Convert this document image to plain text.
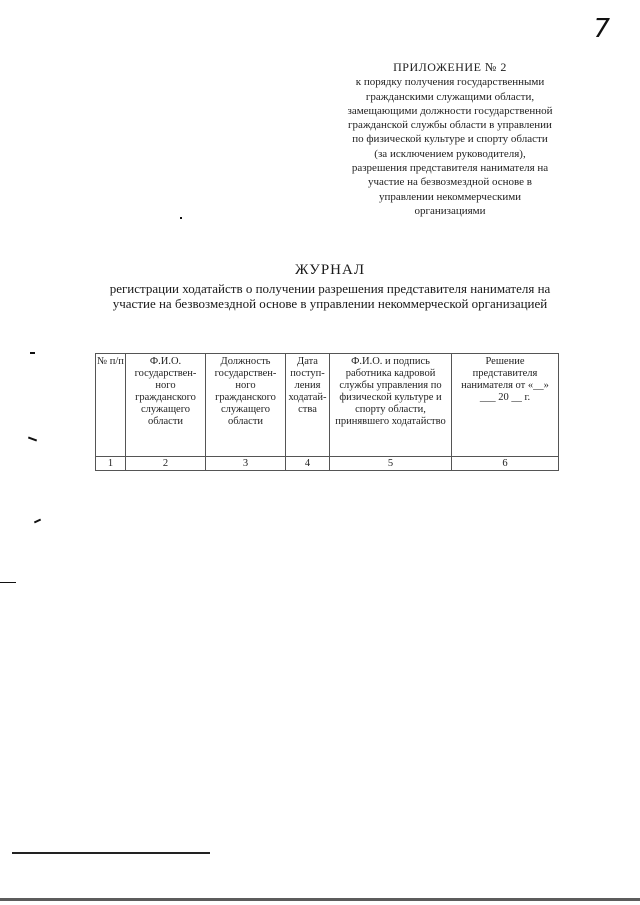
7
ПРИЛОЖЕНИЕ № 2
к порядку получения государственными
гражданскими служащими области,
замещающими должности государственной
гражданской службы области в управлении
по физической культуре и спорту области
(за исключением руководителя),
разрешения представителя нанимателя на
участие на безвозмездной основе в
управлении некоммерческими
организациями
ЖУРНАЛ
регистрации ходатайств о получении разрешения представителя нанимателя на участие на безвозмездной основе в управлении некоммерческой организацией
№ п/п	Ф.И.О. государствен-ного гражданского служащего области	Должность государствен-ного гражданского служащего области	Дата поступ-ления ходатай-ства	Ф.И.О. и подпись работника кадровой службы управления по физической культуре и спорту области, принявшего ходатайство	Решение представителя нанимателя от «__» ___ 20 __ г.
1	2	3	4	5	6
